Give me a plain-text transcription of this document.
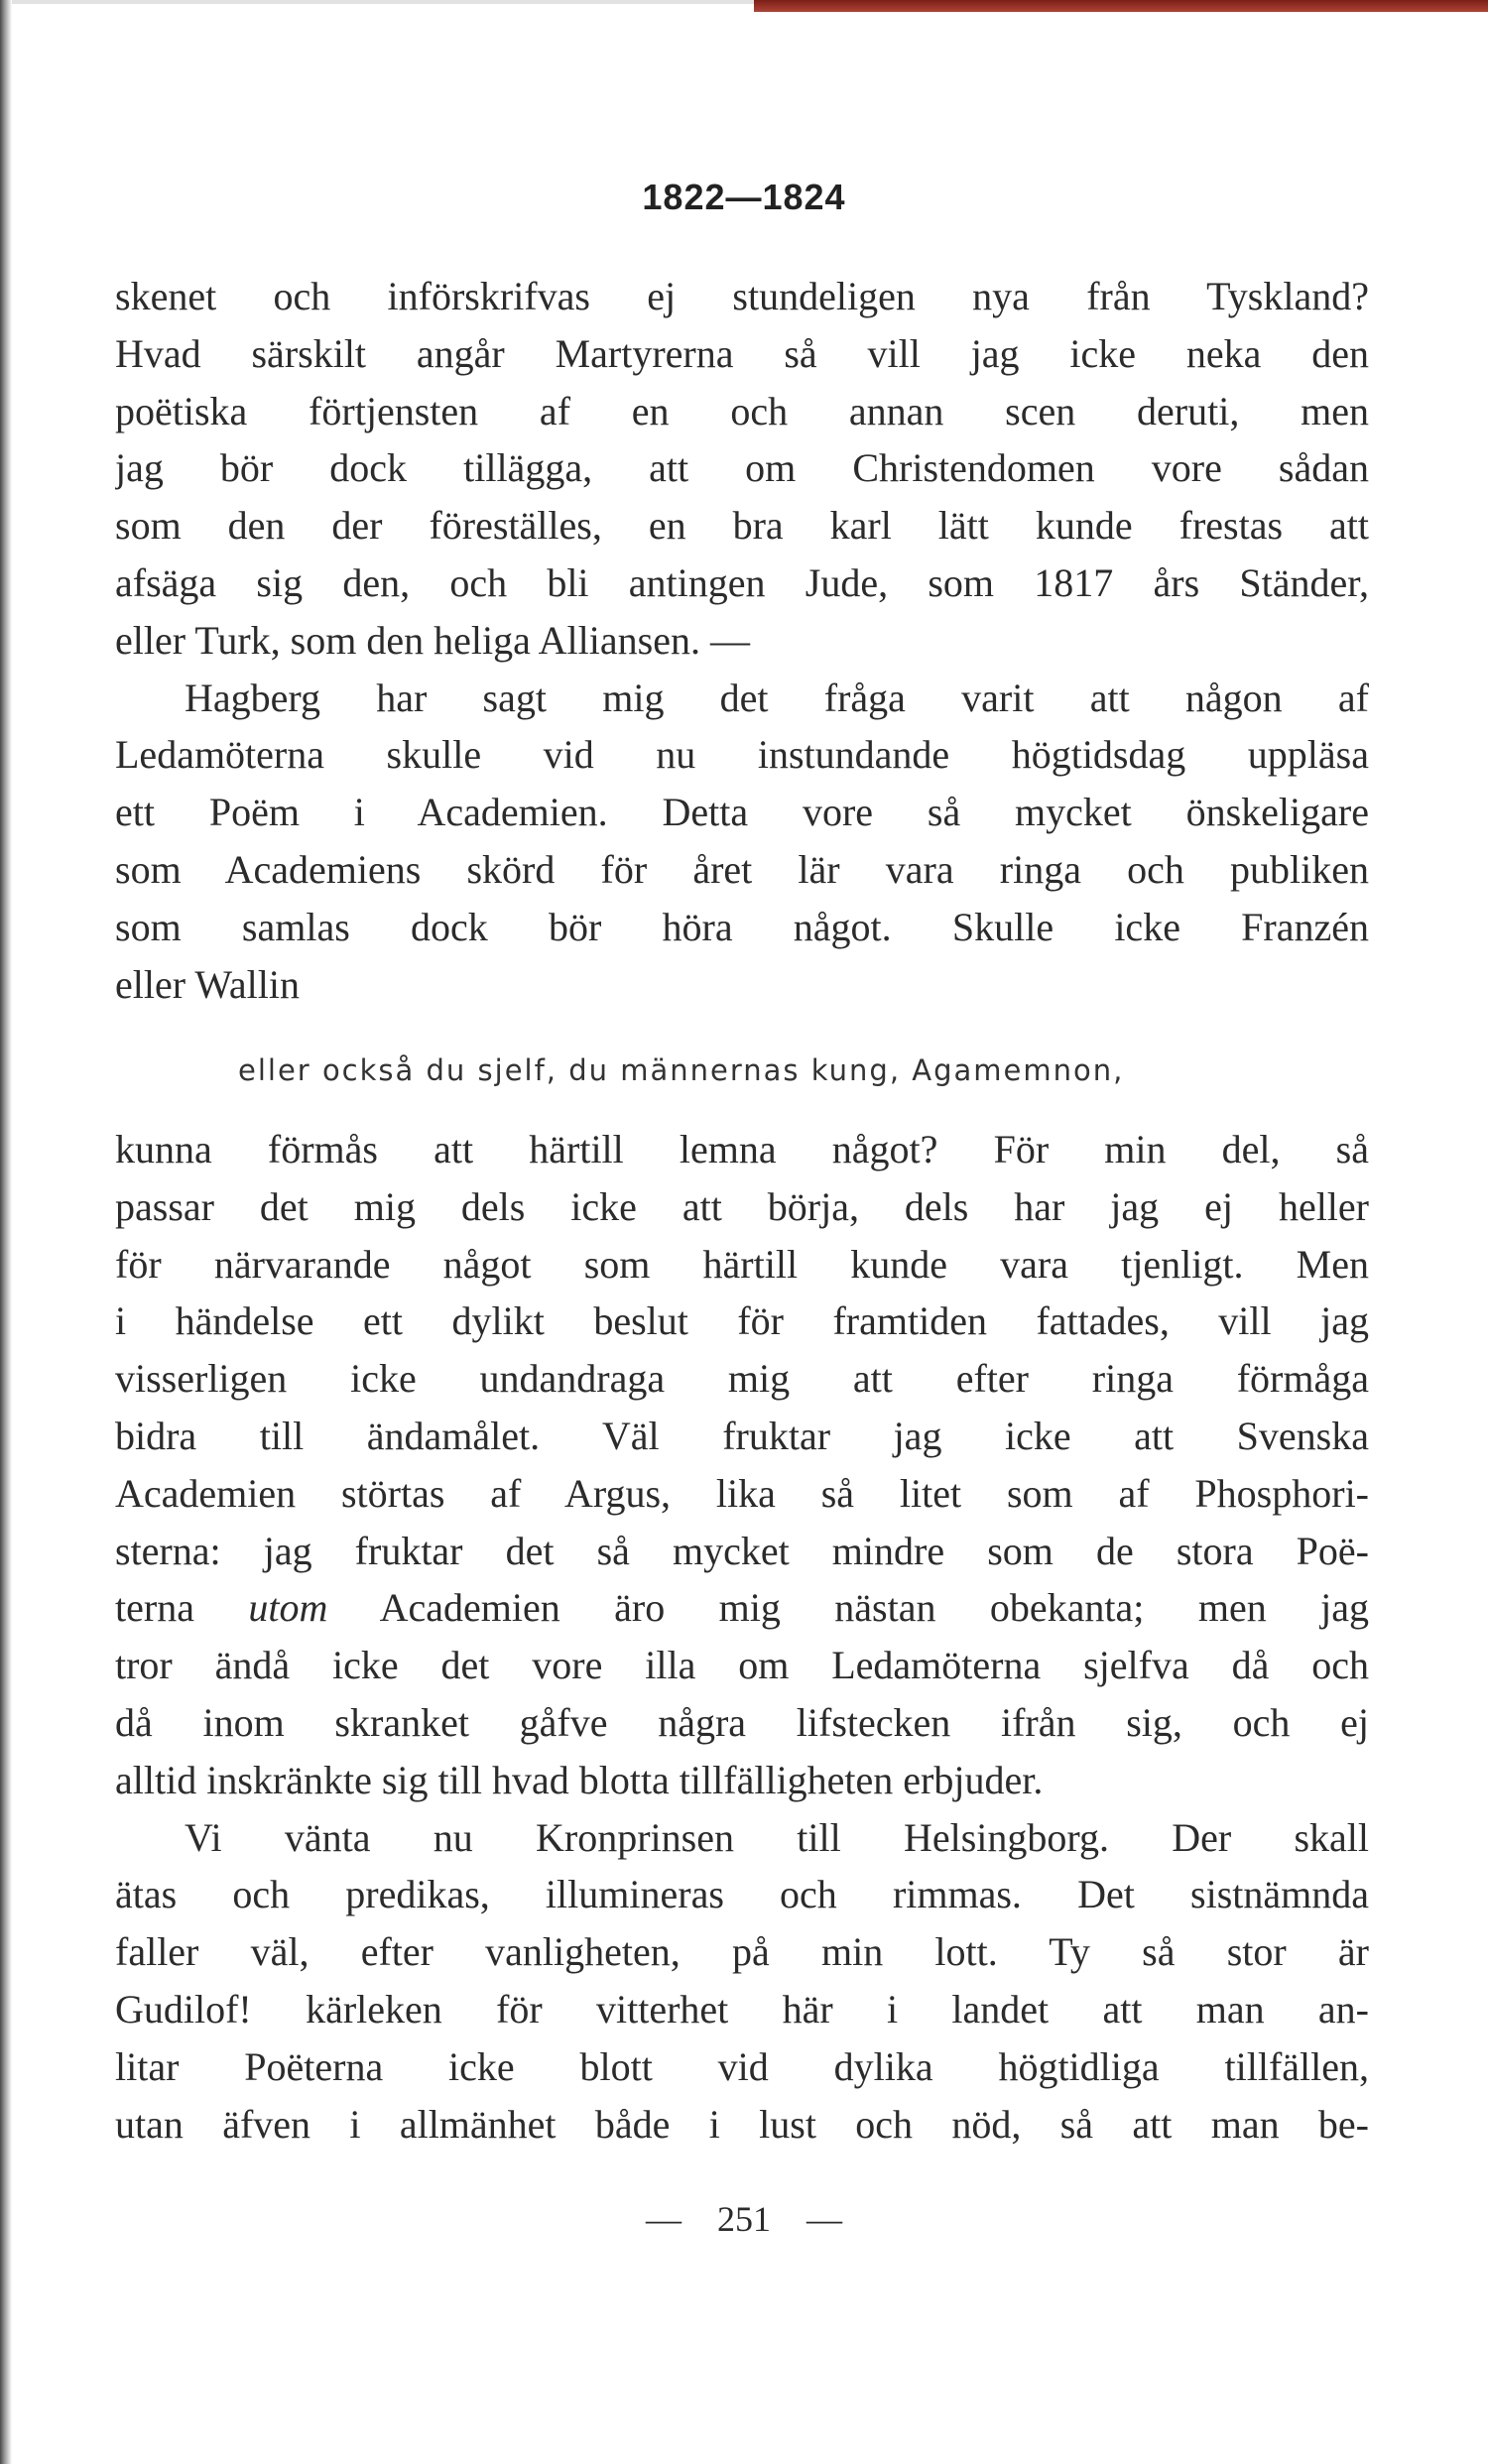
1822—1824
skenet och införskrifvas ej stundeligen nya från Tyskland?
Hvad särskilt angår Martyrerna så vill jag icke neka den
poëtiska förtjensten af en och annan scen deruti, men
jag bör dock tillägga, att om Christendomen vore sådan
som den der föreställes, en bra karl lätt kunde frestas att
afsäga sig den, och bli antingen Jude, som 1817 års Ständer,
eller Turk, som den heliga Alliansen. —
Hagberg har sagt mig det fråga varit att någon af
Ledamöterna skulle vid nu instundande högtidsdag uppläsa
ett Poëm i Academien. Detta vore så mycket önskeligare
som Academiens skörd för året lär vara ringa och publiken
som samlas dock bör höra något. Skulle icke Franzén
eller Wallin
eller också du sjelf, du männernas kung, Agamemnon,
kunna förmås att härtill lemna något? För min del, så
passar det mig dels icke att börja, dels har jag ej heller
för närvarande något som härtill kunde vara tjenligt. Men
i händelse ett dylikt beslut för framtiden fattades, vill jag
visserligen icke undandraga mig att efter ringa förmåga
bidra till ändamålet. Väl fruktar jag icke att Svenska
Academien störtas af Argus, lika så litet som af Phosphori-
sterna: jag fruktar det så mycket mindre som de stora Poë-
terna utom Academien äro mig nästan obekanta; men jag
tror ändå icke det vore illa om Ledamöterna sjelfva då och
då inom skranket gåfve några lifstecken ifrån sig, och ej
alltid inskränkte sig till hvad blotta tillfälligheten erbjuder.
Vi vänta nu Kronprinsen till Helsingborg. Der skall
ätas och predikas, illumineras och rimmas. Det sistnämnda
faller väl, efter vanligheten, på min lott. Ty så stor är
Gudilof! kärleken för vitterhet här i landet att man an-
litar Poëterna icke blott vid dylika högtidliga tillfällen,
utan äfven i allmänhet både i lust och nöd, så att man be-
— 251 —
